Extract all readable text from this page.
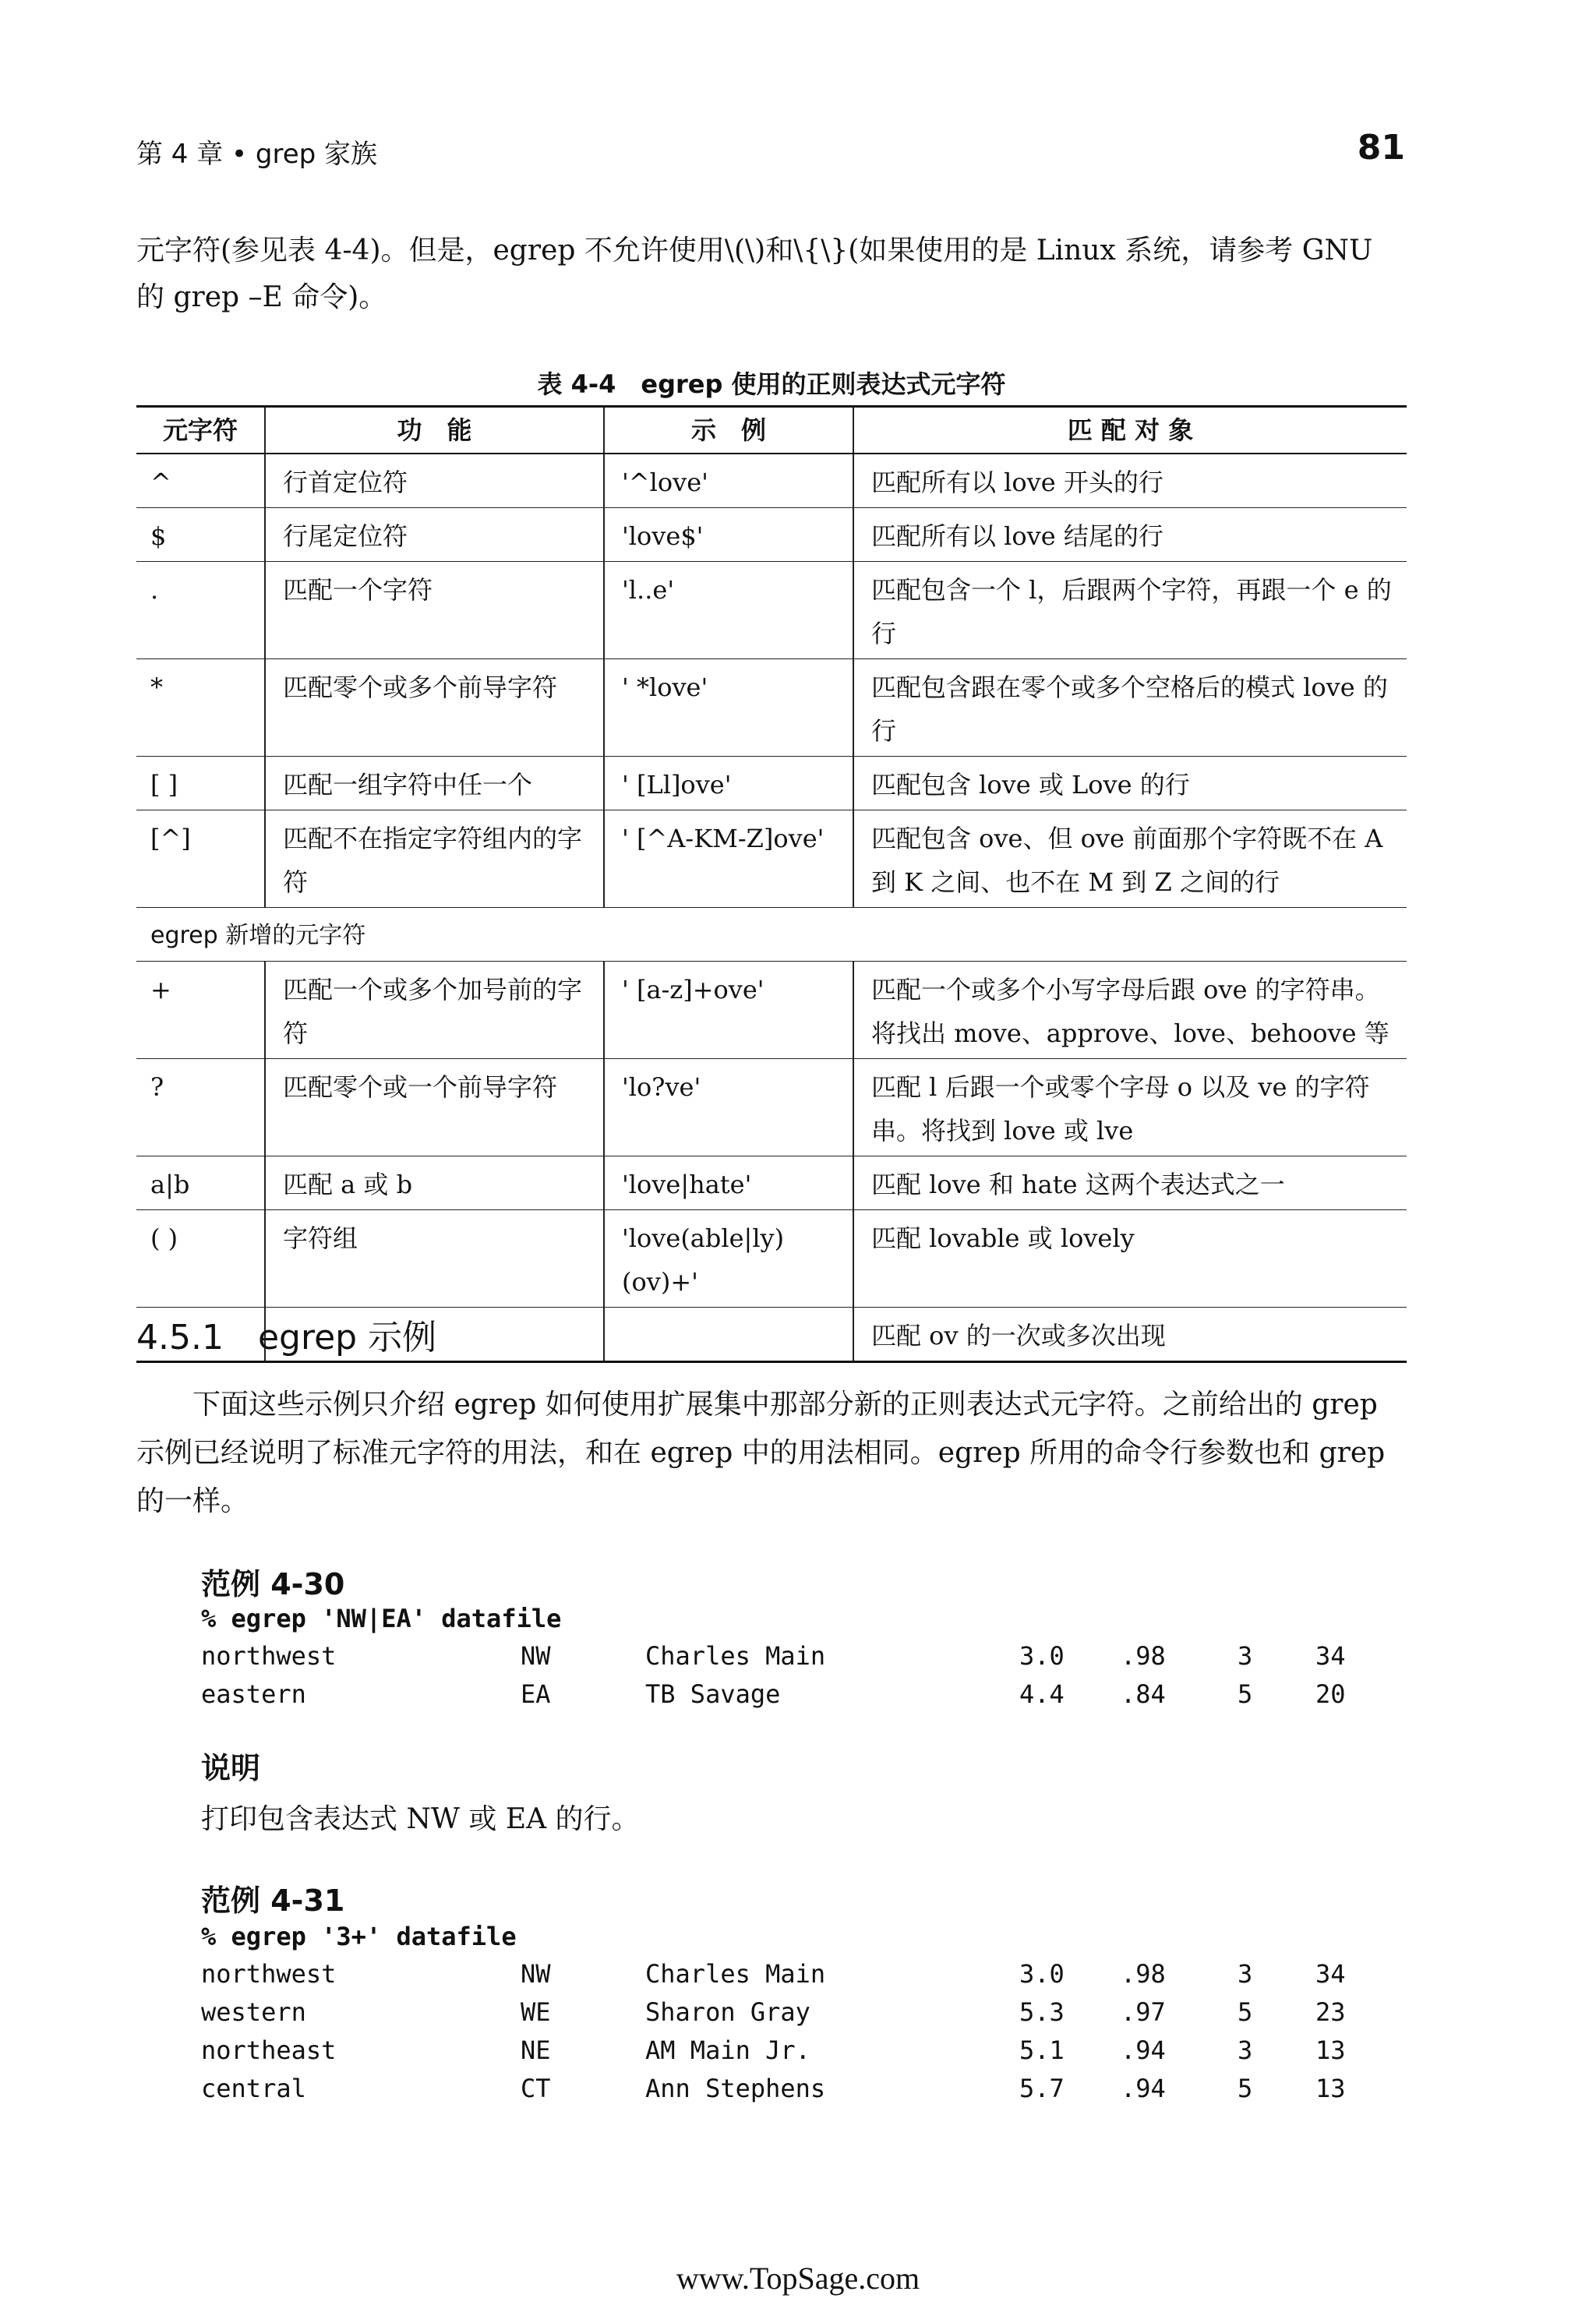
第 4 章 • grep 家族	81
元字符(参见表 4-4)。但是，egrep 不允许使用\(\)和\{\}(如果使用的是 Linux 系统，请参考 GNU 的 grep –E 命令)。
表 4-4　egrep 使用的正则表达式元字符
元字符	功　能	示　例	匹 配 对 象
^	行首定位符	'^love'	匹配所有以 love 开头的行
$	行尾定位符	'love$'	匹配所有以 love 结尾的行
.	匹配一个字符	'l..e'	匹配包含一个 l，后跟两个字符，再跟一个 e 的行
*	匹配零个或多个前导字符	' *love'	匹配包含跟在零个或多个空格后的模式 love 的行
[ ]	匹配一组字符中任一个	' [Ll]ove'	匹配包含 love 或 Love 的行
[^]	匹配不在指定字符组内的字符	' [^A-KM-Z]ove'	匹配包含 ove、但 ove 前面那个字符既不在 A 到 K 之间、也不在 M 到 Z 之间的行
egrep 新增的元字符			
+	匹配一个或多个加号前的字符	' [a-z]+ove'	匹配一个或多个小写字母后跟 ove 的字符串。将找出 move、approve、love、behoove 等
?	匹配零个或一个前导字符	'lo?ve'	匹配 l 后跟一个或零个字母 o 以及 ve 的字符串。将找到 love 或 lve
a|b	匹配 a 或 b	'love|hate'	匹配 love 和 hate 这两个表达式之一
( )	字符组	'love(able|ly)(ov)+'	匹配 lovable 或 lovely
			匹配 ov 的一次或多次出现
4.5.1　egrep 示例
下面这些示例只介绍 egrep 如何使用扩展集中那部分新的正则表达式元字符。之前给出的 grep 示例已经说明了标准元字符的用法，和在 egrep 中的用法相同。egrep 所用的命令行参数也和 grep 的一样。
范例 4-30
% egrep 'NW|EA' datafile
northwest	NW	Charles Main	3.0 .98	3	34
eastern	EA	TB Savage	4.4 .84	5	20
说明
打印包含表达式 NW 或 EA 的行。
范例 4-31
% egrep '3+' datafile
northwest	NW	Charles Main	3.0 .98	3	34
western	WE	Sharon Gray	5.3 .97	5	23
northeast	NE	AM Main Jr.	5.1 .94	3	13
central	CT	Ann Stephens	5.7 .94	5	13
www.TopSage.com
